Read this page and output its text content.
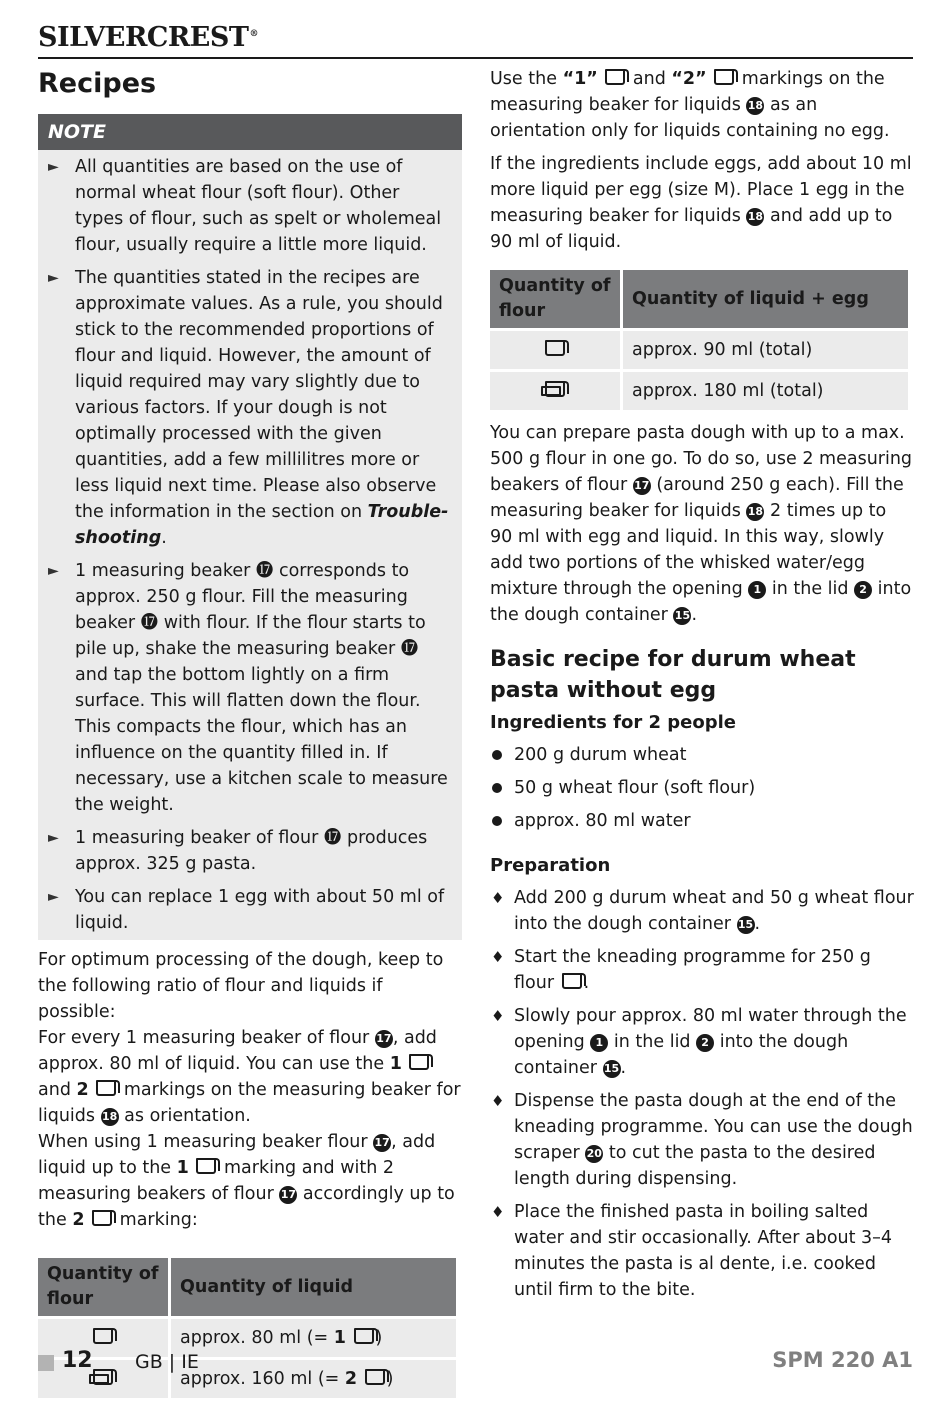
SILVERCREST®
Recipes
NOTE
► All quantities are based on the use of normal wheat flour (soft flour). Other types of flour, such as spelt or wholemeal flour, usually require a little more liquid.
► The quantities stated in the recipes are approximate values. As a rule, you should stick to the recommended proportions of flour and liquid. However, the amount of liquid required may vary slightly due to various factors. If your dough is not optimally processed with the given quantities, add a few millilitres more or less liquid next time. Please also observe the information in the section on Trouble-shooting.
► 1 measuring beaker ⓱ corresponds to approx. 250 g flour. Fill the measuring beaker ⓱ with flour. If the flour starts to pile up, shake the measuring beaker ⓱ and tap the bottom lightly on a firm surface. This will flatten down the flour. This compacts the flour, which has an influence on the quantity filled in. If necessary, use a kitchen scale to measure the weight.
► 1 measuring beaker of flour ⓱ produces approx. 325 g pasta.
► You can replace 1 egg with about 50 ml of liquid.

For optimum processing of the dough, keep to the following ratio of flour and liquids if possible:

For every 1 measuring beaker of flour 17, add approx. 80 ml of liquid. You can use the 1  and 2 markings on the measuring beaker for liquids 18 as orientation.

When using 1 measuring beaker flour 17, add liquid up to the 1 marking and with 2 measuring beakers of flour 17 accordingly up to the 2 marking:

Quantity of flour	Quantity of liquid
	approx. 80 ml (= 1 )
	approx. 160 ml (= 2 )

Use the “1” and “2” markings on the measuring beaker for liquids 18 as an orientation only for liquids containing no egg.

If the ingredients include eggs, add about 10 ml more liquid per egg (size M). Place 1 egg in the measuring beaker for liquids 18 and add up to 90 ml of liquid.

Quantity of flour	Quantity of liquid + egg
	approx. 90 ml (total)
	approx. 180 ml (total)

You can prepare pasta dough with up to a max. 500 g flour in one go. To do so, use 2 measuring beakers of flour 17 (around 250 g each). Fill the measuring beaker for liquids 18 2 times up to 90 ml with egg and liquid. In this way, slowly add two portions of the whisked water/egg mixture through the opening 1 in the lid 2 into the dough container 15.

Basic recipe for durum wheat pasta without egg
Ingredients for 2 people
200 g durum wheat
50 g wheat flour (soft flour)
approx. 80 ml water
Preparation
♦ Add 200 g durum wheat and 50 g wheat flour into the dough container 15.
♦ Start the kneading programme for 250 g flour .
♦ Slowly pour approx. 80 ml water through the opening 1 in the lid 2 into the dough container 15.
♦ Dispense the pasta dough at the end of the kneading programme. You can use the dough scraper 20 to cut the pasta to the desired length during dispensing.
♦ Place the finished pasta in boiling salted water and stir occasionally. After about 3–4 minutes the pasta is al dente, i.e. cooked until firm to the bite.
12 GB | IE	SPM 220 A1
